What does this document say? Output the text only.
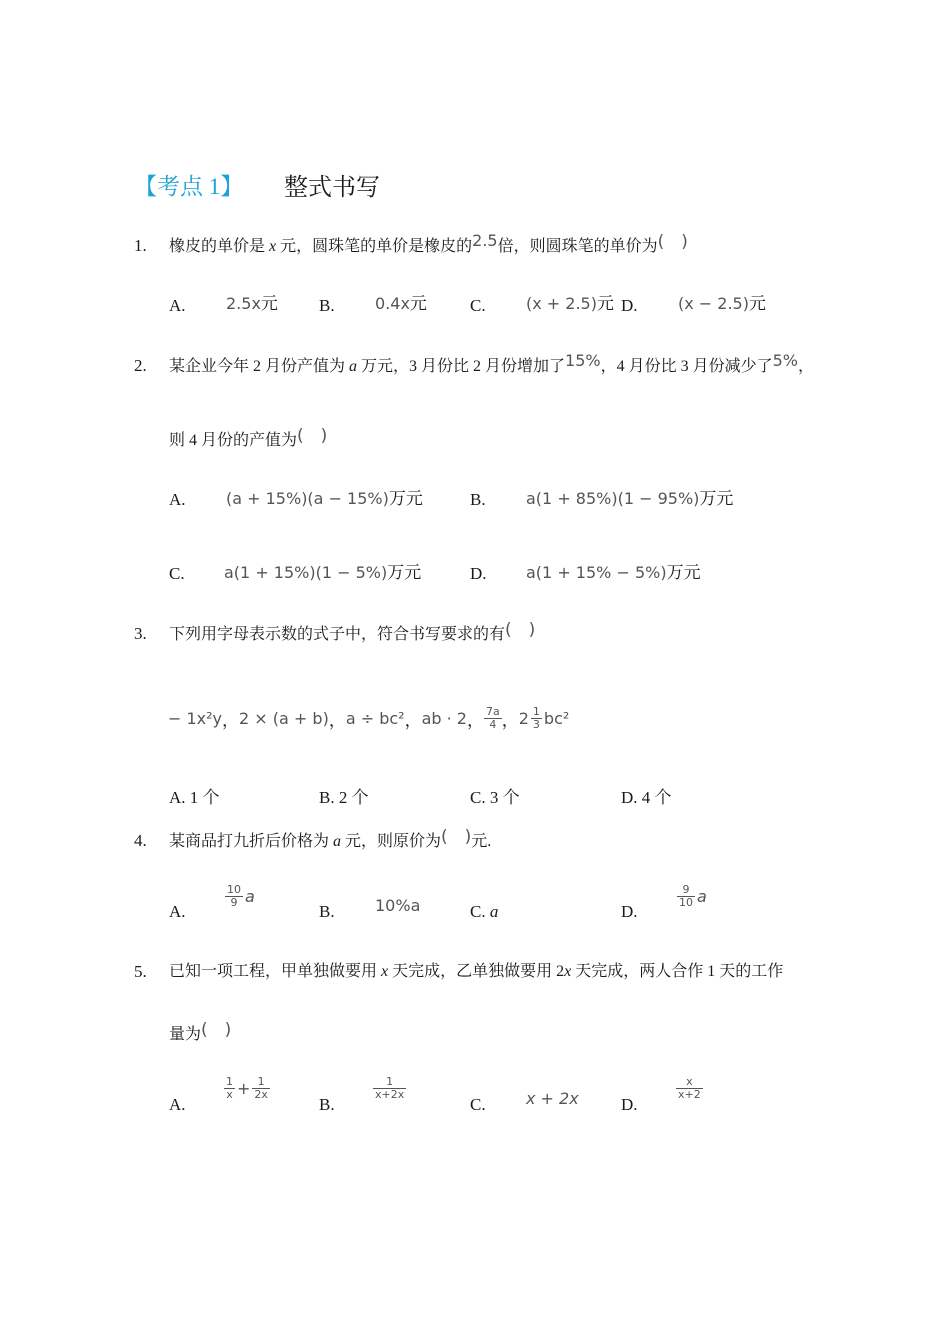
【考点 1】 整式书写
1. 橡皮的单价是 x 元，圆珠笔的单价是橡皮的2.5倍，则圆珠笔的单价为(　)
A.	2.5x元 B.	0.4x元	C.	(x + 2.5)元 D.	(x − 2.5)元
2. 某企业今年 2 月份产值为 a 万元，3 月份比 2 月份增加了15%，4 月份比 3 月份减少了5%，
则 4 月份的产值为(　)
A.	(a + 15%)(a − 15%)万元	B.	a(1 + 85%)(1 − 95%)万元
C. a(1 + 15%)(1 − 5%)万元	D. a(1 + 15% − 5%)万元
3. 下列用字母表示数的式子中，符合书写要求的有(　)
− 1x²y ， 2 × (a + b) ， a ÷ bc² ， ab · 2 ， $\frac{7a}{4}$ ， $2 \frac{1}{3} bc^2$
A. 1 个	B. 2 个	C. 3 个	D. 4 个
4. 某商品打九折后价格为 a 元，则原价为(　)元.
A.
$\frac{10}{9}$ a
B.	10%a	C. a	D.
$\frac{9}{10}$ a
5. 已知一项工程，甲单独做要用 x 天完成，乙单独做要用 2x 天完成，两人合作 1 天的工作
量为(　)
A.
$\frac{1}{x} + \frac{1}{2x}$
B.
$\frac{1}{x+2x}$
C.	x + 2x D.
$\frac{x}{x+2}$
